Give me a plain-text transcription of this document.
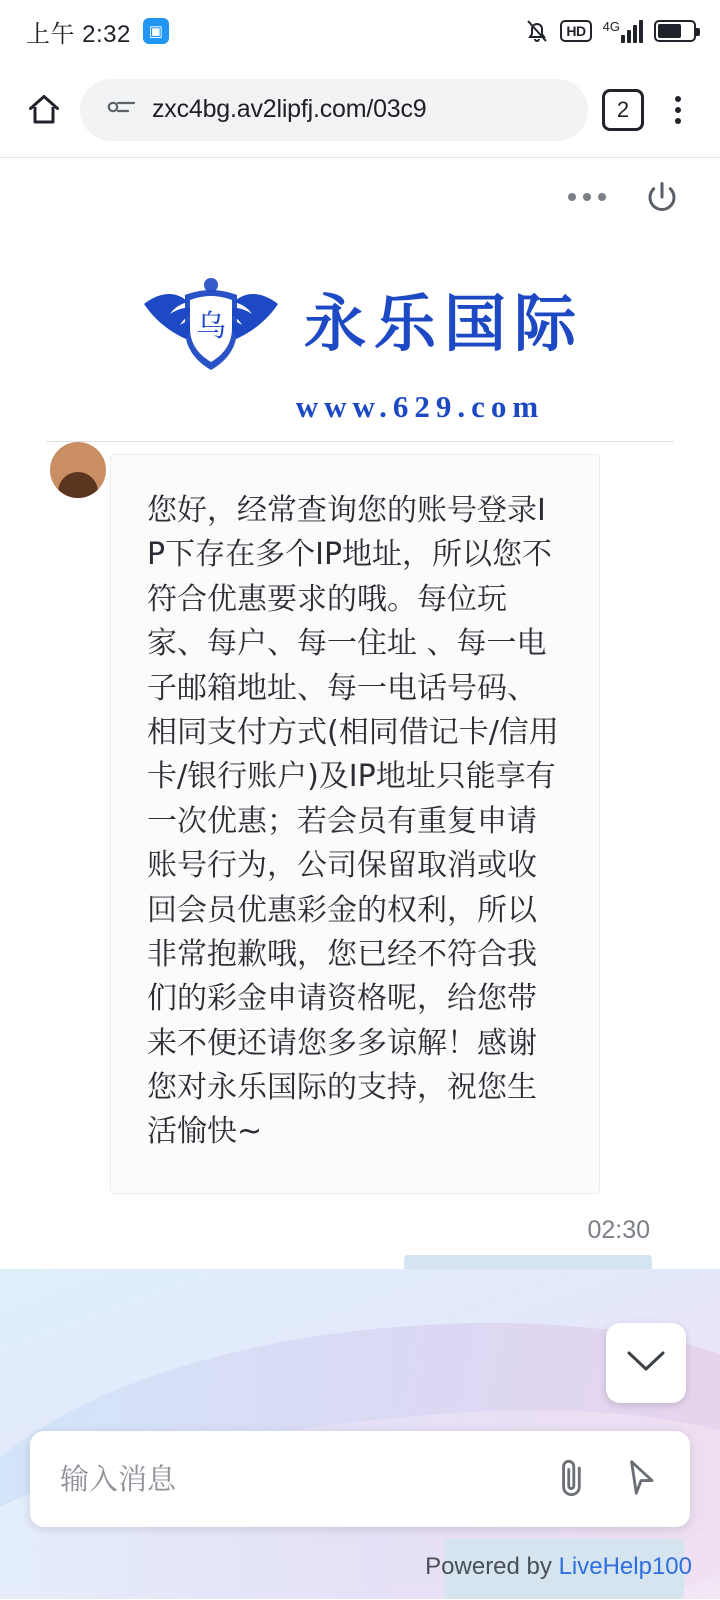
上午 2:32 ▣	HD	4G
zxc4bg.av2lipfj.com/03c9	2
乌 永乐国际
www.629.com

您好，经常查询您的账号登录IP下存在多个IP地址，所以您不符合优惠要求的哦。每位玩家、每户、每一住址 、每一电子邮箱地址、每一电话号码、相同支付方式(相同借记卡/信用卡/银行账户)及IP地址只能享有一次优惠；若会员有重复申请账号行为，公司保留取消或收回会员优惠彩金的权利，所以非常抱歉哦，您已经不符合我们的彩金申请资格呢，给您带来不便还请您多多谅解！感谢您对永乐国际的支持，祝您生活愉快~

02:30
输入消息
Powered by LiveHelp100
